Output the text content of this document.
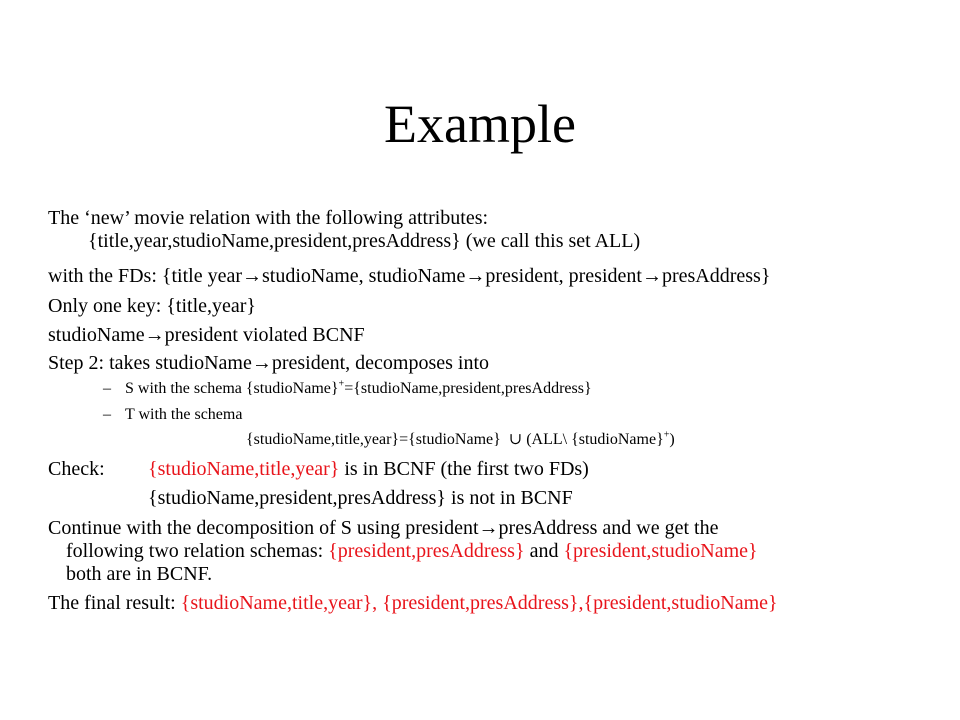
Example
The ‘new’ movie relation with the following attributes:
{title,year,studioName,president,presAddress} (we call this set ALL)
with the FDs: {title year→studioName, studioName→president, president→presAddress}
Only one key: {title,year}
studioName→president violated BCNF
Step 2: takes studioName→president, decomposes into
– S with the schema {studioName}+={studioName,president,presAddress}
– T with the schema
{studioName,title,year}={studioName} ∪ (ALL\ {studioName}+)
Check: {studioName,title,year} is in BCNF (the first two FDs)
{studioName,president,presAddress} is not in BCNF
Continue with the decomposition of S using president→presAddress and we get the
following two relation schemas: {president,presAddress} and {president,studioName}
both are in BCNF.
The final result: {studioName,title,year}, {president,presAddress},{president,studioName}
